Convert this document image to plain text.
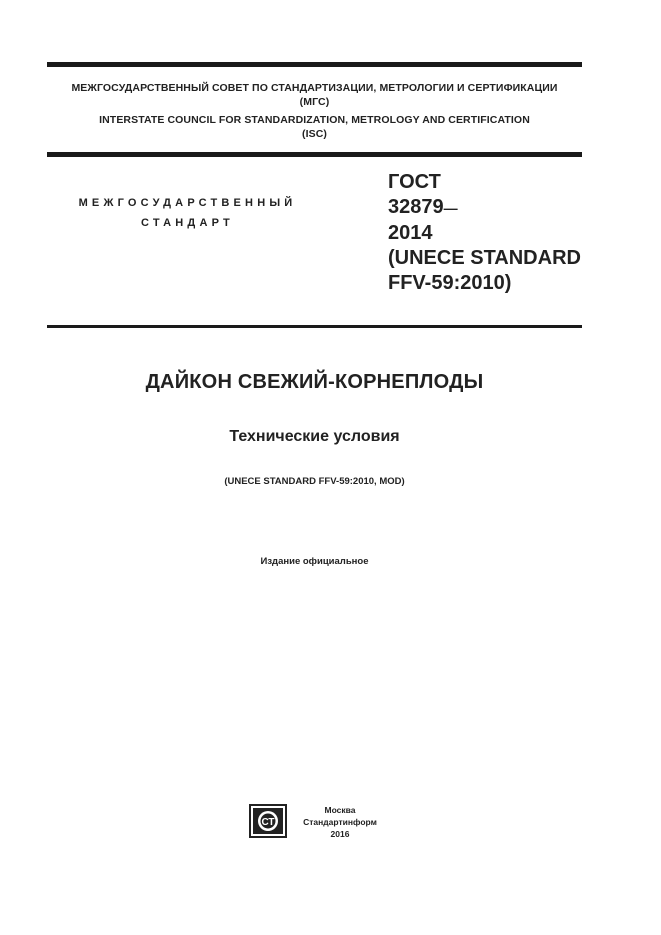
МЕЖГОСУДАРСТВЕННЫЙ СОВЕТ ПО СТАНДАРТИЗАЦИИ, МЕТРОЛОГИИ И СЕРТИФИКАЦИИ
(МГС)
INTERSTATE COUNCIL FOR STANDARDIZATION, METROLOGY AND CERTIFICATION
(ISC)
МЕЖГОСУДАРСТВЕННЫЙ
СТАНДАРТ
ГОСТ
32879—
2014
(UNECE STANDARD
FFV-59:2010)
ДАЙКОН СВЕЖИЙ-КОРНЕПЛОДЫ
Технические условия
(UNECE STANDARD FFV-59:2010, MOD)
Издание официальное
СТ
Москва
Стандартинформ
2016
